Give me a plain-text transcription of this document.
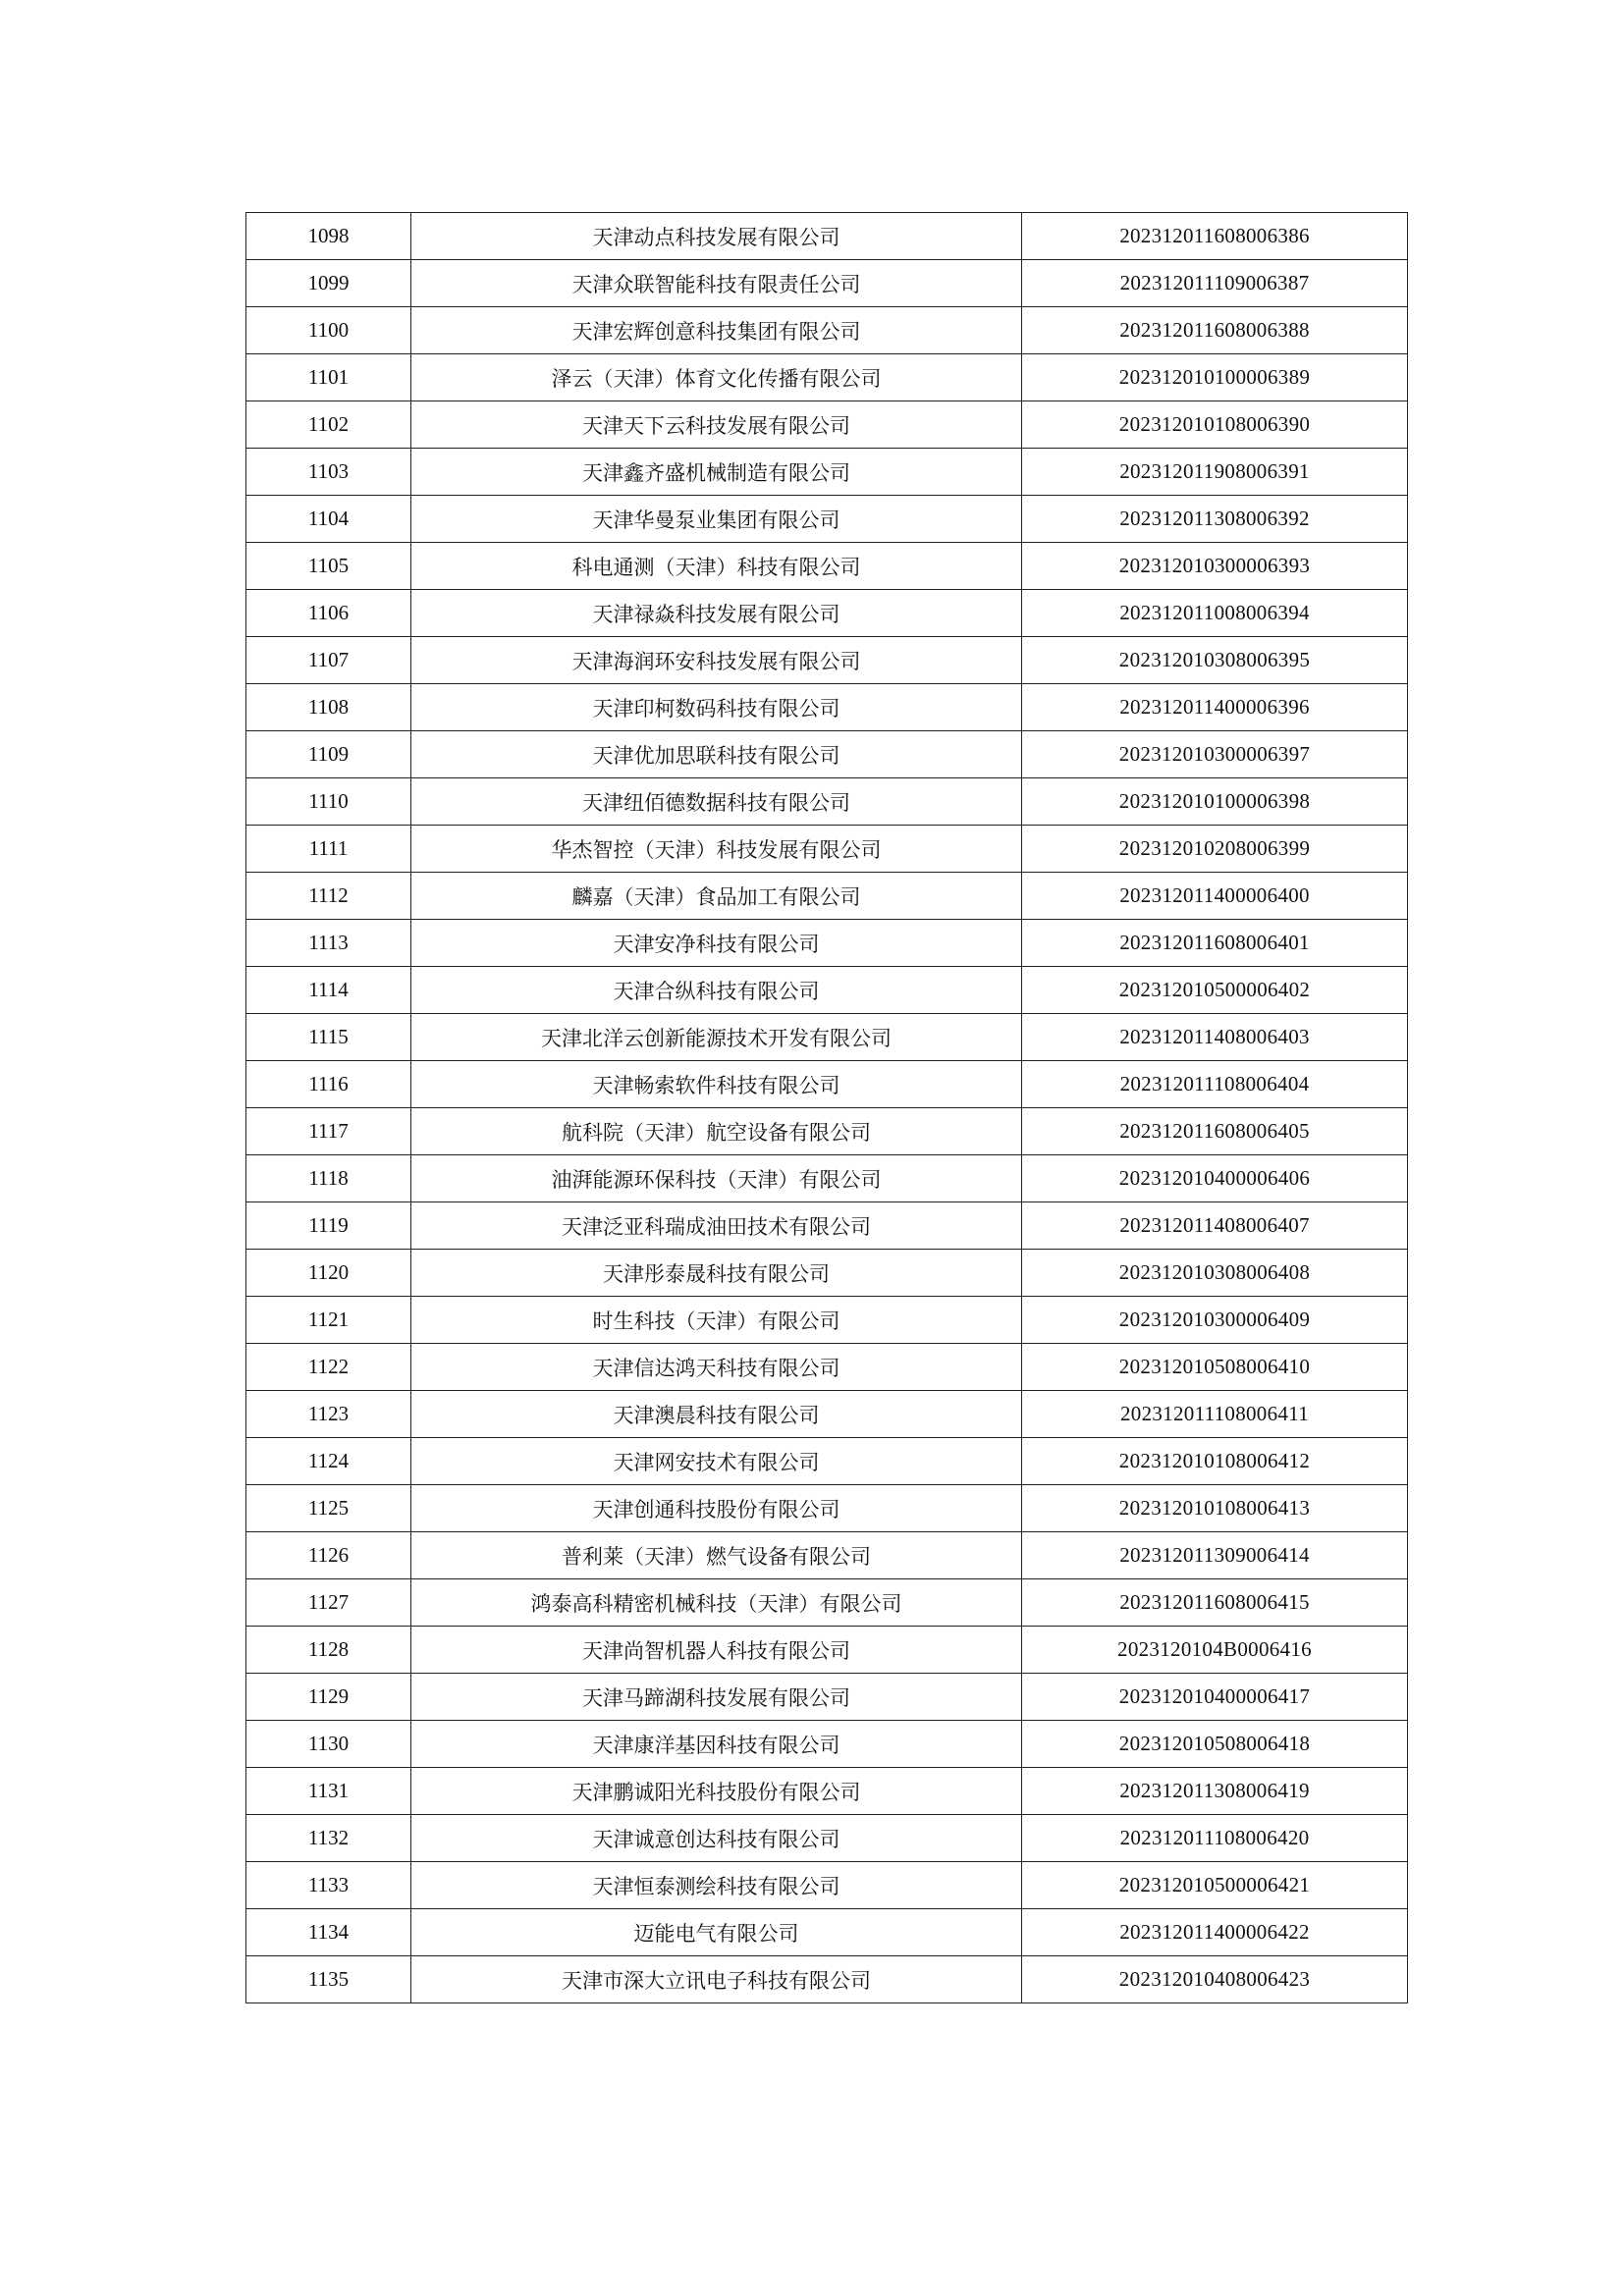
1098	天津动点科技发展有限公司	202312011608006386
1099	天津众联智能科技有限责任公司	202312011109006387
1100	天津宏辉创意科技集团有限公司	202312011608006388
1101	泽云（天津）体育文化传播有限公司	202312010100006389
1102	天津天下云科技发展有限公司	202312010108006390
1103	天津鑫齐盛机械制造有限公司	202312011908006391
1104	天津华曼泵业集团有限公司	202312011308006392
1105	科电通测（天津）科技有限公司	202312010300006393
1106	天津禄焱科技发展有限公司	202312011008006394
1107	天津海润环安科技发展有限公司	202312010308006395
1108	天津印柯数码科技有限公司	202312011400006396
1109	天津优加思联科技有限公司	202312010300006397
1110	天津纽佰德数据科技有限公司	202312010100006398
1111	华杰智控（天津）科技发展有限公司	202312010208006399
1112	麟嘉（天津）食品加工有限公司	202312011400006400
1113	天津安净科技有限公司	202312011608006401
1114	天津合纵科技有限公司	202312010500006402
1115	天津北洋云创新能源技术开发有限公司	202312011408006403
1116	天津畅索软件科技有限公司	202312011108006404
1117	航科院（天津）航空设备有限公司	202312011608006405
1118	油湃能源环保科技（天津）有限公司	202312010400006406
1119	天津泛亚科瑞成油田技术有限公司	202312011408006407
1120	天津彤泰晟科技有限公司	202312010308006408
1121	时生科技（天津）有限公司	202312010300006409
1122	天津信达鸿天科技有限公司	202312010508006410
1123	天津澳晨科技有限公司	202312011108006411
1124	天津网安技术有限公司	202312010108006412
1125	天津创通科技股份有限公司	202312010108006413
1126	普利莱（天津）燃气设备有限公司	202312011309006414
1127	鸿泰高科精密机械科技（天津）有限公司	202312011608006415
1128	天津尚智机器人科技有限公司	2023120104B0006416
1129	天津马蹄湖科技发展有限公司	202312010400006417
1130	天津康洋基因科技有限公司	202312010508006418
1131	天津鹏诚阳光科技股份有限公司	202312011308006419
1132	天津诚意创达科技有限公司	202312011108006420
1133	天津恒泰测绘科技有限公司	202312010500006421
1134	迈能电气有限公司	202312011400006422
1135	天津市深大立讯电子科技有限公司	202312010408006423
